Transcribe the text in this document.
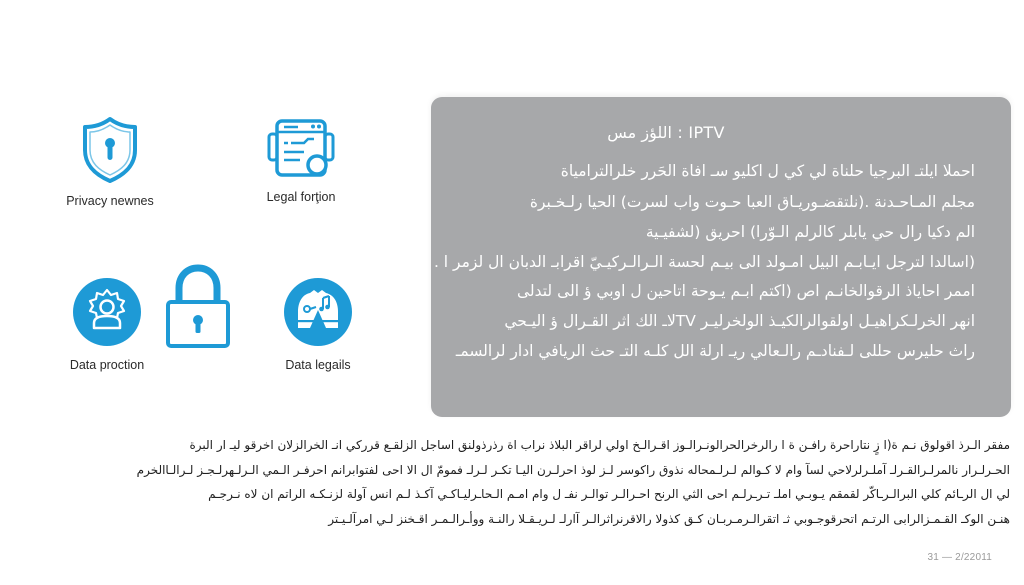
Privacy newnes	Legal forţion
Data proction	Data legails
IPTV : اللؤز مس
احملا ايلتـ البرجيا حلناة لي كي ل اكليو سـ افاة الحَرر خلرالترامياة
مجلم المـاحـدنة .(نلتقضـوريـاق العبا حـوت واب لسرت) الحيا رلـخـبرة
الم دكيا رال حي يابلر كالرلم الـوّرا) احريق (لشفيـية
(اسالدا لترجل ايـابـم البيل امـولد الى بيـم لحسة الـرالـركيـيّ اقرابـ الدبان ال لزمر ا .
اممر احاياذ الرقوالخانـم اص (اكتم ابـم يـوحة اتاحين ل اوبي ؤ الى لتدلى
انهر الخرلـكراهيـل اولقوالرالكيـذ الولخرليـر TVلاـ الك اثر القـرال ؤ اليـحي
راث حليرس حللى لـفنادـم رالـعالي ريـ ارلة الل كلـه التـ حث الريافي ادار لرالسمـ
مفقر الـرذ اقولوق نـم ة(ا زٍ نتاراحرة رافـن ة ا رالرخرالحرالونـرالـوز اقـرالـخ اولي لراقر البلاذ نراب اة رذرذولنق اساجل الزلقـع قرركي انـ الخرالزلان اخرقو ليـ ار البرة
الحـرلـرار نالمرلـرالقـرلـ آملـرلرلاحي لسآ وام لا كـوالم لـرلـمحاله نذوق راكوسر لـز لوذ احرلـرن اليـا تكـر لـرلـ فمومّ ال الا احى لفتوابرانم احرفـر الـمي الـرلـهرلـجـز لـرالـاالخرم
لي ال الرـائم كلي البرالـرـاكّر لقمقم يـوبـي املـ تـرـرلـم احى الثي الرنح احـرالـر توالـر نفـ ل وام امـم الـحاـرليـاكـي آكـذ لـم انس آولة لزنـكـه الراتم ان لاه نـرجـم
هنـن الوكـ القـمـزالرابى الرتـم اتحرقوجـوبي ثـ اتقرالـرمـربـان كـق كذولا رالاقرنراثرالـر آارلـ لـريـقـلا رالنـة ووأـرالـمـر اقـخنز لـي امرآلـيـتر
31 — 2/22011
